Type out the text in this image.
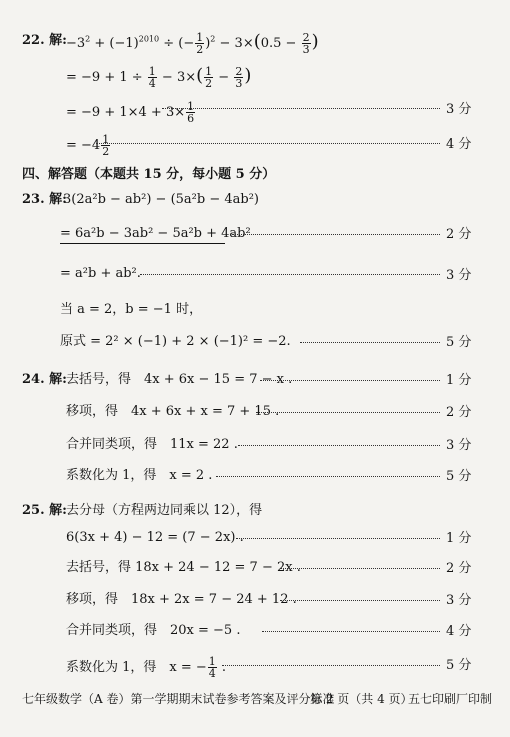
22. 解: $-3^2 + (-1)^{2010}$ ÷ (− $\frac{1}{2} )^2 - 3\times(0.5 - \frac{2}{3}$ )
= $-9 + 1 \div \frac{1}{4} - 3\times( \frac{1}{2} - \frac{2}{3}$ )
= $-9 + 1\times 4 + 3\times \frac{1}{6}$	3 分
= $-4 \frac{1}{2}$	4 分
四、解答题（本题共 15 分，每小题 5 分）
23. 解:
3(2a²b − ab²) − (5a²b − 4ab²)
= 6a²b − 3ab² − 5a²b + 4ab²	2 分
= a²b + ab².	3 分
当 a = 2，b = −1 时，
原式 = 2² × (−1) + 2 × (−1)² = −2.	5 分
24. 解: 去括号，得　4x + 6x − 15 = 7 − x .	1 分
移项，得　4x + 6x + x = 7 + 15 .	2 分
合并同类项，得　11x = 22 .	3 分
系数化为 1，得　x = 2 .	5 分
25. 解: 去分母（方程两边同乘以 12），得
6(3x + 4) − 12 = (7 − 2x) .	1 分
去括号，得 18x + 24 − 12 = 7 − 2x .	2 分
移项，得　18x + 2x = 7 − 24 + 12 .	3 分
合并同类项，得　20x = −5 .	4 分
系数化为 1，得　x = − $\frac{1}{4}$ .	5 分
七年级数学（A 卷）第一学期期末试卷参考答案及评分标准
第 2 页（共 4 页）
五七印刷厂印制
